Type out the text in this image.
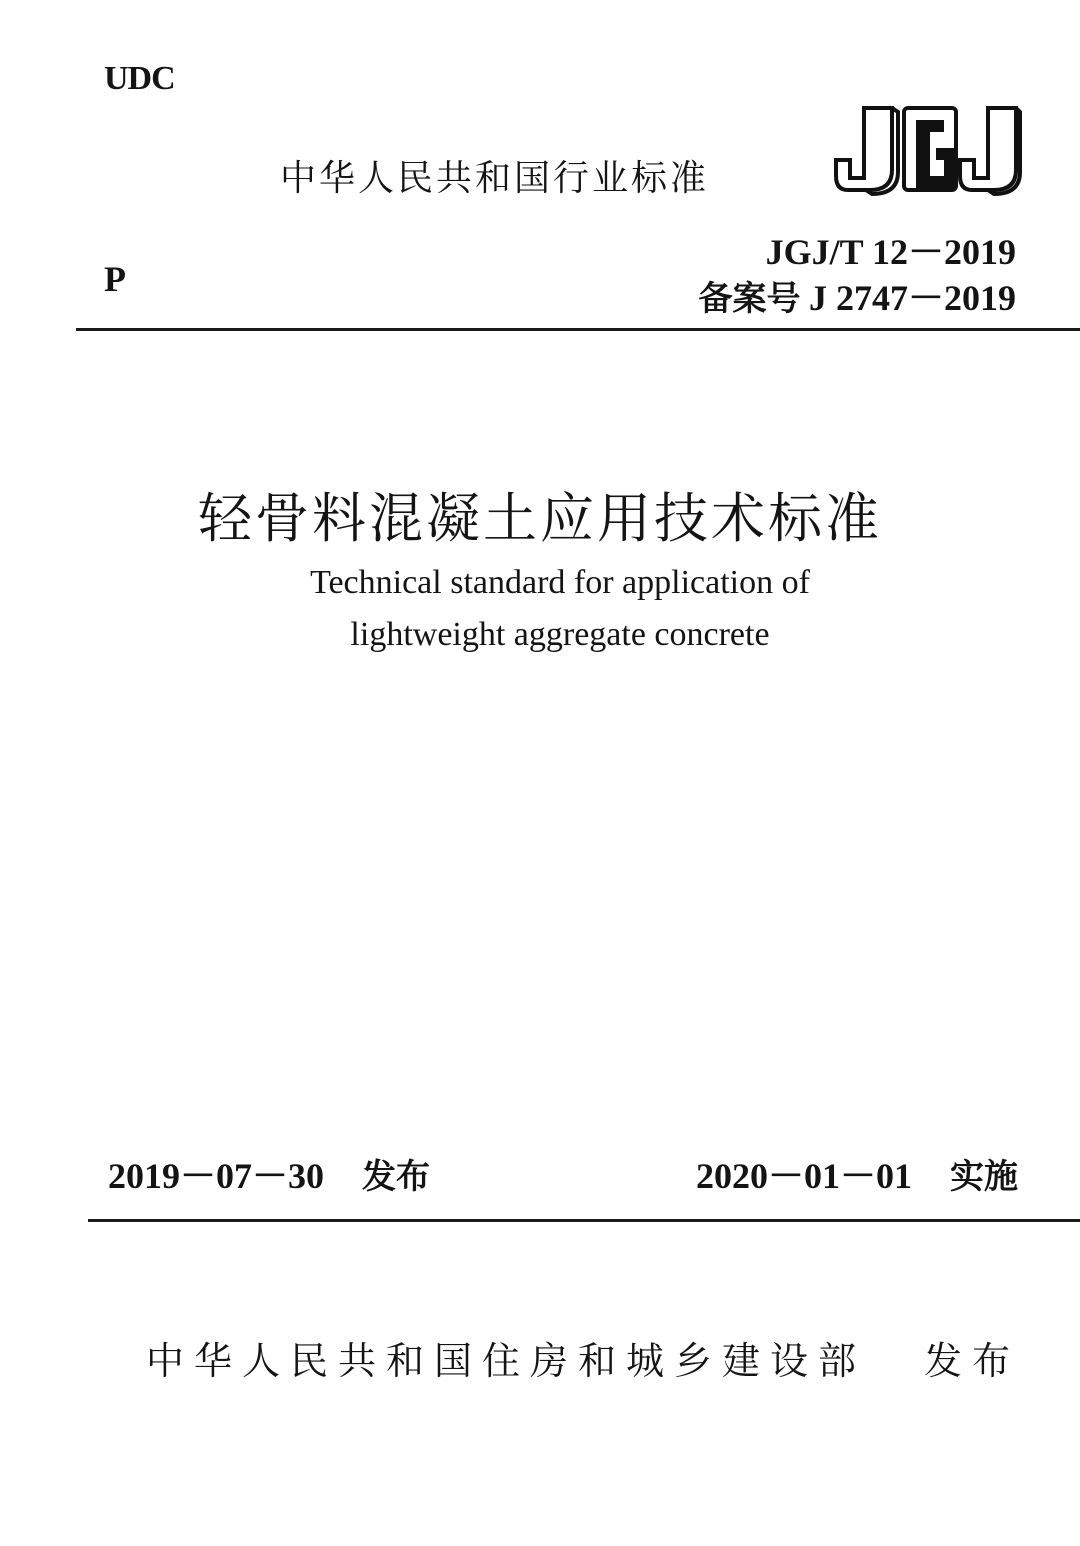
UDC
中华人民共和国行业标准
JGJ/T 12－2019
备案号 J 2747－2019
P
轻骨料混凝土应用技术标准
Technical standard for application of
lightweight aggregate concrete
2019－07－30 发布	2020－01－01 实施
中华人民共和国住房和城乡建设部 发布
